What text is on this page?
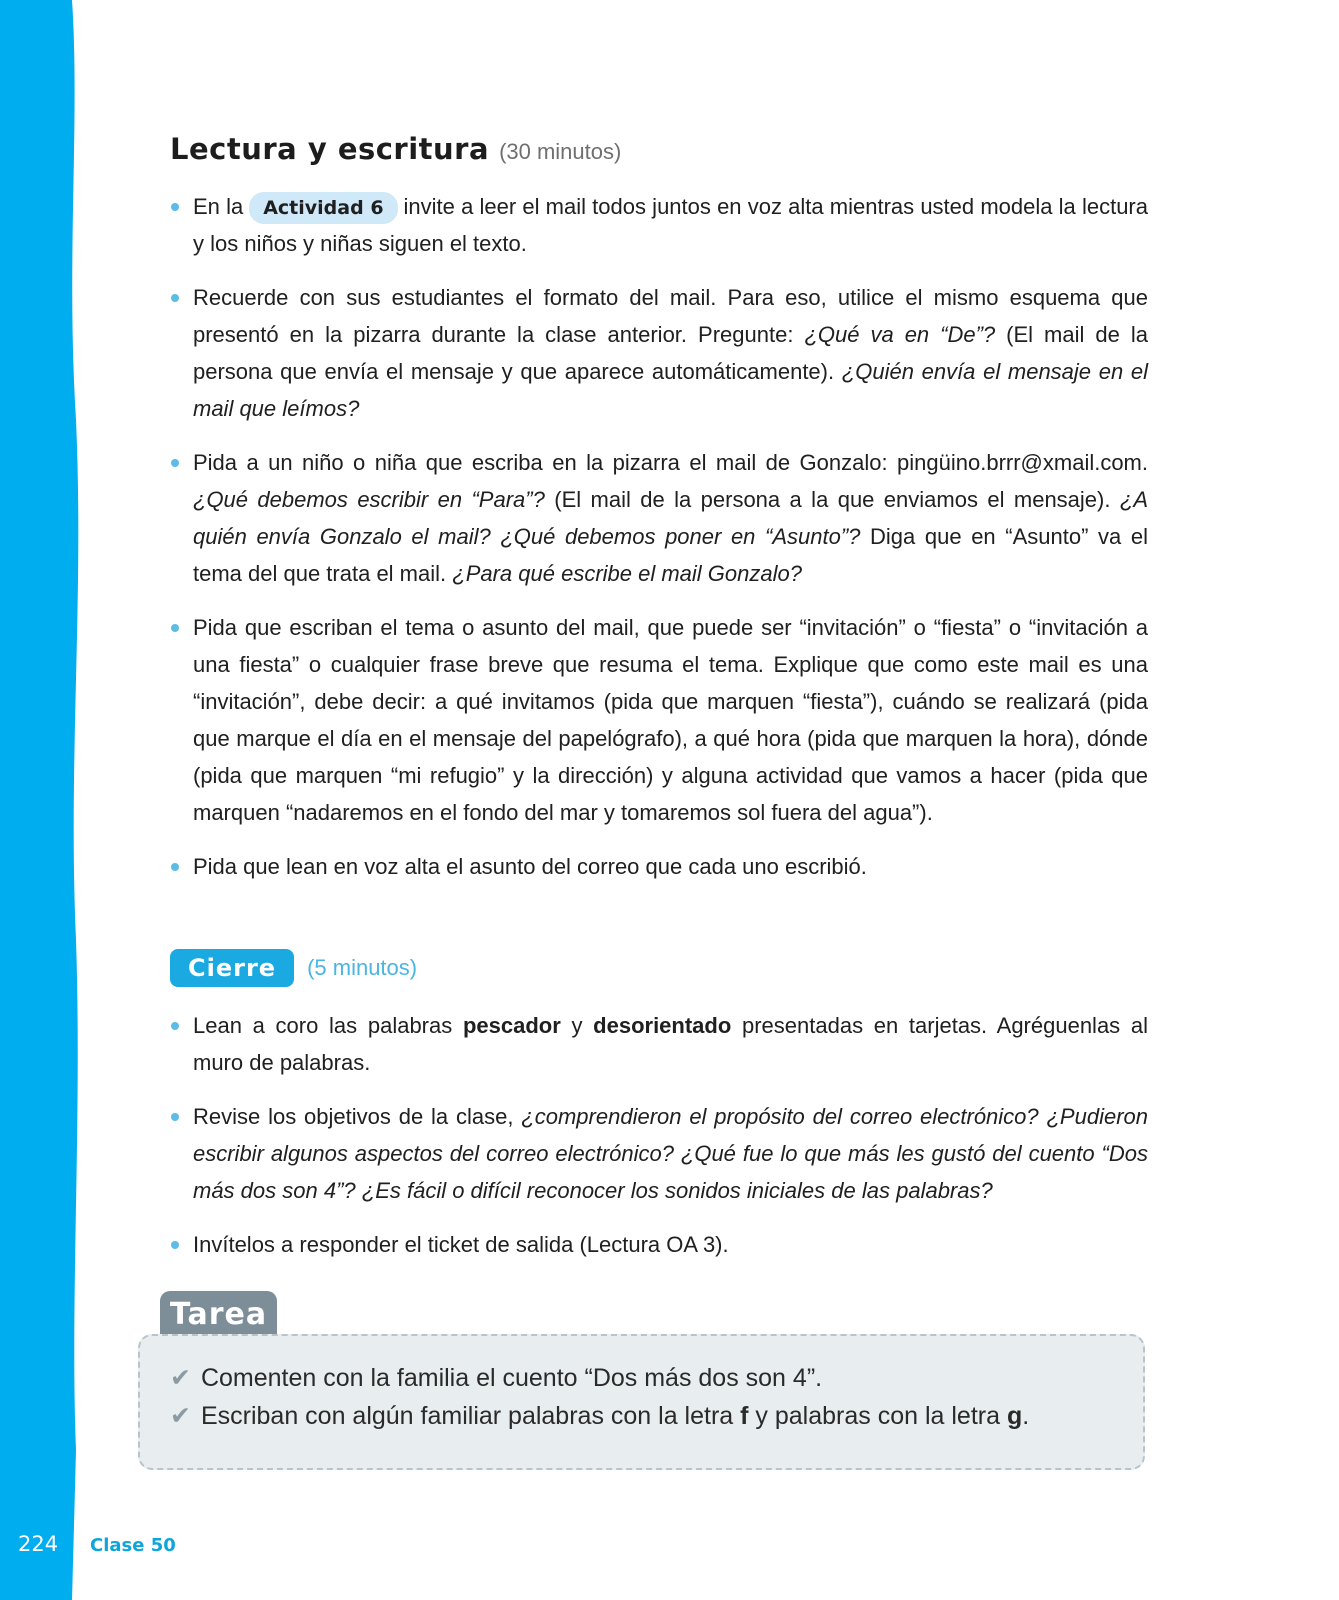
224 Clase 50
Lectura y escritura (30 minutos)
En la Actividad 6 invite a leer el mail todos juntos en voz alta mientras usted modela la lectura y los niños y niñas siguen el texto.
Recuerde con sus estudiantes el formato del mail. Para eso, utilice el mismo esquema que presentó en la pizarra durante la clase anterior. Pregunte: ¿Qué va en “De”? (El mail de la persona que envía el mensaje y que aparece automáticamente). ¿Quién envía el mensaje en el mail que leímos?
Pida a un niño o niña que escriba en la pizarra el mail de Gonzalo: pingüino.brrr@xmail.com. ¿Qué debemos escribir en “Para”? (El mail de la persona a la que enviamos el mensaje). ¿A quién envía Gonzalo el mail? ¿Qué debemos poner en “Asunto”? Diga que en “Asunto” va el tema del que trata el mail. ¿Para qué escribe el mail Gonzalo?
Pida que escriban el tema o asunto del mail, que puede ser “invitación” o “fiesta” o “invitación a una fiesta” o cualquier frase breve que resuma el tema. Explique que como este mail es una “invitación”, debe decir: a qué invitamos (pida que marquen “fiesta”), cuándo se realizará (pida que marque el día en el mensaje del papelógrafo), a qué hora (pida que marquen la hora), dónde (pida que marquen “mi refugio” y la dirección) y alguna actividad que vamos a hacer (pida que marquen “nadaremos en el fondo del mar y tomaremos sol fuera del agua”).
Pida que lean en voz alta el asunto del correo que cada uno escribió.
Cierre	(5 minutos)
Lean a coro las palabras pescador y desorientado presentadas en tarjetas. Agréguenlas al muro de palabras.
Revise los objetivos de la clase, ¿comprendieron el propósito del correo electrónico? ¿Pudieron escribir algunos aspectos del correo electrónico? ¿Qué fue lo que más les gustó del cuento “Dos más dos son 4”? ¿Es fácil o difícil reconocer los sonidos iniciales de las palabras?
Invítelos a responder el ticket de salida (Lectura OA 3).
Tarea
✔ Comenten con la familia el cuento “Dos más dos son 4”.
✔ Escriban con algún familiar palabras con la letra f y palabras con la letra g.
